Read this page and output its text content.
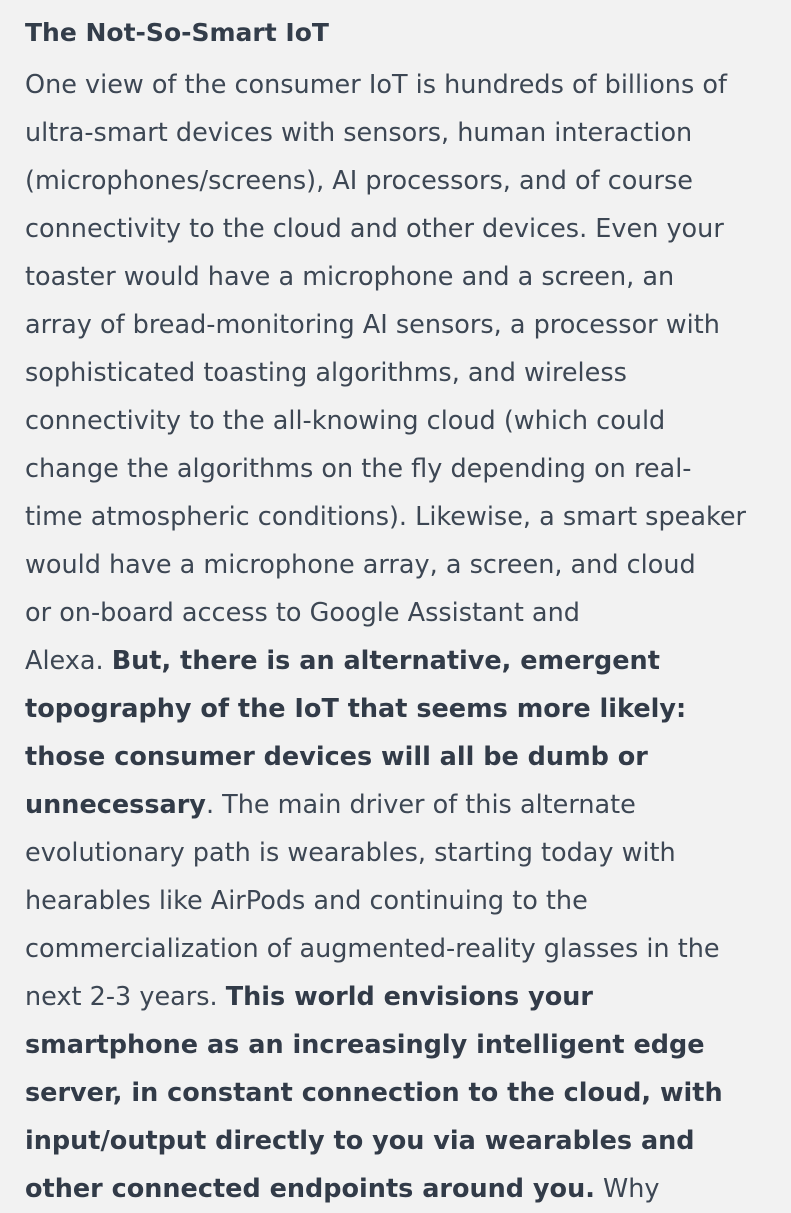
The Not-So-Smart IoT
One view of the consumer IoT is hundreds of billions of
ultra-smart devices with sensors, human interaction
(microphones/screens), AI processors, and of course
connectivity to the cloud and other devices. Even your
toaster would have a microphone and a screen, an
array of bread-monitoring AI sensors, a processor with
sophisticated toasting algorithms, and wireless
connectivity to the all-knowing cloud (which could
change the algorithms on the fly depending on real-
time atmospheric conditions). Likewise, a smart speaker
would have a microphone array, a screen, and cloud
or on-board access to Google Assistant and
Alexa. But, there is an alternative, emergent
topography of the IoT that seems more likely:
those consumer devices will all be dumb or
unnecessary. The main driver of this alternate
evolutionary path is wearables, starting today with
hearables like AirPods and continuing to the
commercialization of augmented-reality glasses in the
next 2-3 years. This world envisions your
smartphone as an increasingly intelligent edge
server, in constant connection to the cloud, with
input/output directly to you via wearables and
other connected endpoints around you. Why
